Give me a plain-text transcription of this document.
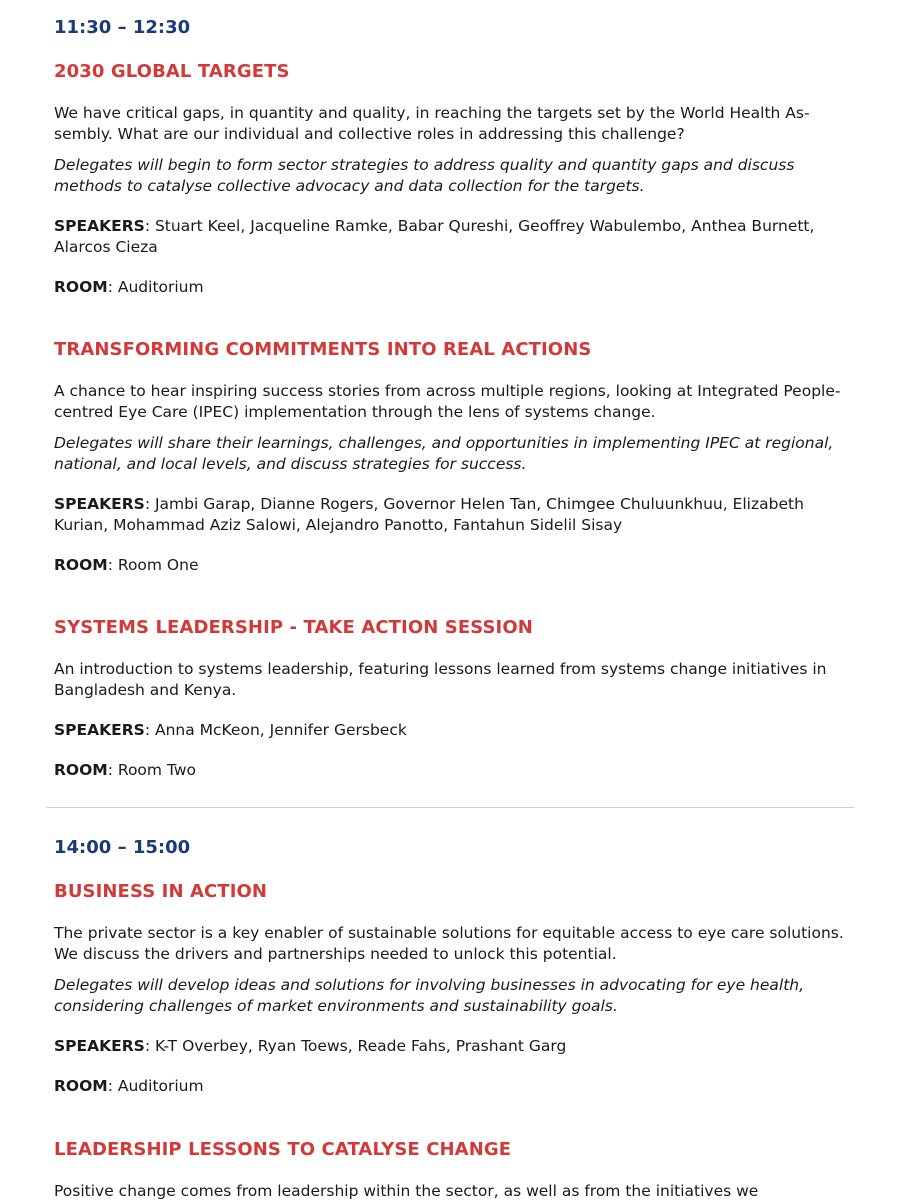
11:30 – 12:30

2030 GLOBAL TARGETS

We have critical gaps, in quantity and quality, in reaching the targets set by the World Health As-sembly. What are our individual and collective roles in addressing this challenge?

Delegates will begin to form sector strategies to address quality and quantity gaps and discuss methods to catalyse collective advocacy and data collection for the targets.

SPEAKERS: Stuart Keel, Jacqueline Ramke, Babar Qureshi, Geoffrey Wabulembo, Anthea Burnett, Alarcos Cieza

ROOM: Auditorium

TRANSFORMING COMMITMENTS INTO REAL ACTIONS

A chance to hear inspiring success stories from across multiple regions, looking at Integrated People-centred Eye Care (IPEC) implementation through the lens of systems change.

Delegates will share their learnings, challenges, and opportunities in implementing IPEC at regional, national, and local levels, and discuss strategies for success.

SPEAKERS: Jambi Garap, Dianne Rogers, Governor Helen Tan, Chimgee Chuluunkhuu, Elizabeth Kurian, Mohammad Aziz Salowi, Alejandro Panotto, Fantahun Sidelil Sisay

ROOM: Room One

SYSTEMS LEADERSHIP - TAKE ACTION SESSION

An introduction to systems leadership, featuring lessons learned from systems change initiatives in Bangladesh and Kenya.

SPEAKERS: Anna McKeon, Jennifer Gersbeck

ROOM: Room Two

14:00 – 15:00

BUSINESS IN ACTION

The private sector is a key enabler of sustainable solutions for equitable access to eye care solutions. We discuss the drivers and partnerships needed to unlock this potential.

Delegates will develop ideas and solutions for involving businesses in advocating for eye health, considering challenges of market environments and sustainability goals.

SPEAKERS: K-T Overbey, Ryan Toews, Reade Fahs, Prashant Garg

ROOM: Auditorium

LEADERSHIP LESSONS TO CATALYSE CHANGE

Positive change comes from leadership within the sector, as well as from the initiatives we
